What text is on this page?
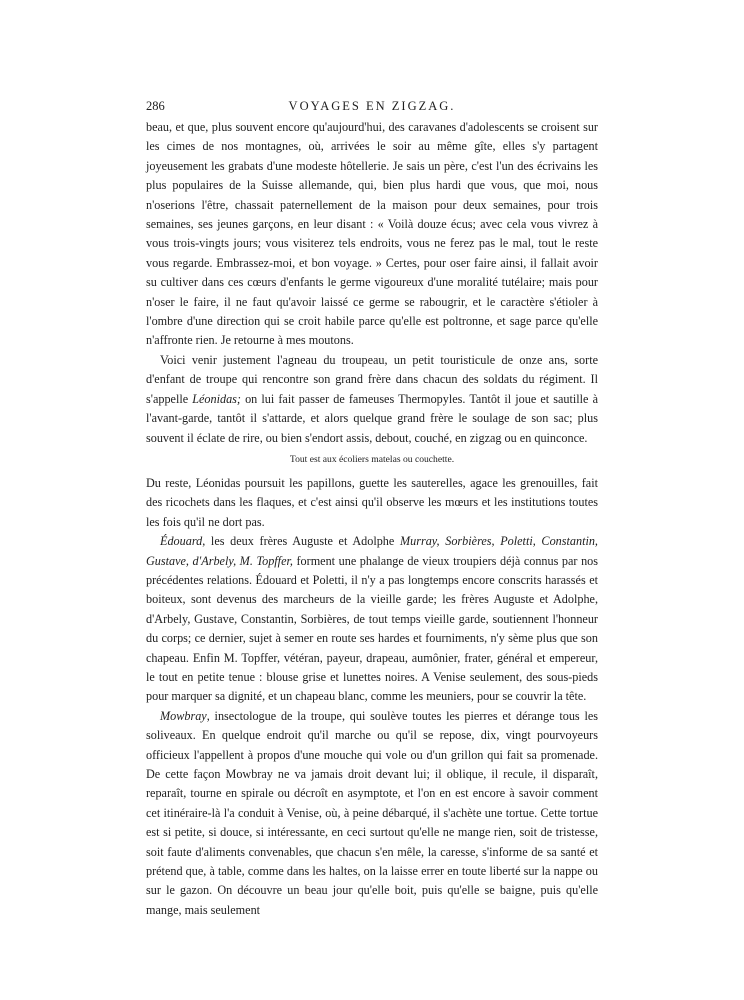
286	VOYAGES EN ZIGZAG.

beau, et que, plus souvent encore qu'aujourd'hui, des caravanes d'adolescents se croisent sur les cimes de nos montagnes, où, arrivées le soir au même gîte, elles s'y partagent joyeusement les grabats d'une modeste hôtellerie. Je sais un père, c'est l'un des écrivains les plus populaires de la Suisse allemande, qui, bien plus hardi que vous, que moi, nous n'oserions l'être, chassait paternellement de la maison pour deux semaines, pour trois semaines, ses jeunes garçons, en leur disant : « Voilà douze écus; avec cela vous vivrez à vous trois-vingts jours; vous visiterez tels endroits, vous ne ferez pas le mal, tout le reste vous regarde. Embrassez-moi, et bon voyage. » Certes, pour oser faire ainsi, il fallait avoir su cultiver dans ces cœurs d'enfants le germe vigoureux d'une moralité tutélaire; mais pour n'oser le faire, il ne faut qu'avoir laissé ce germe se rabougrir, et le caractère s'étioler à l'ombre d'une direction qui se croit habile parce qu'elle est poltronne, et sage parce qu'elle n'affronte rien. Je retourne à mes moutons.

Voici venir justement l'agneau du troupeau, un petit touristicule de onze ans, sorte d'enfant de troupe qui rencontre son grand frère dans chacun des soldats du régiment. Il s'appelle Léonidas; on lui fait passer de fameuses Thermopyles. Tantôt il joue et sautille à l'avant-garde, tantôt il s'attarde, et alors quelque grand frère le soulage de son sac; plus souvent il éclate de rire, ou bien s'endort assis, debout, couché, en zigzag ou en quinconce.

Tout est aux écoliers matelas ou couchette.

Du reste, Léonidas poursuit les papillons, guette les sauterelles, agace les grenouilles, fait des ricochets dans les flaques, et c'est ainsi qu'il observe les mœurs et les institutions toutes les fois qu'il ne dort pas.

Édouard, les deux frères Auguste et Adolphe Murray, Sorbières, Poletti, Constantin, Gustave, d'Arbely, M. Topffer, forment une phalange de vieux troupiers déjà connus par nos précédentes relations. Édouard et Poletti, il n'y a pas longtemps encore conscrits harassés et boiteux, sont devenus des marcheurs de la vieille garde; les frères Auguste et Adolphe, d'Arbely, Gustave, Constantin, Sorbières, de tout temps vieille garde, soutiennent l'honneur du corps; ce dernier, sujet à semer en route ses hardes et fourniments, n'y sème plus que son chapeau. Enfin M. Topffer, vétéran, payeur, drapeau, aumônier, frater, général et empereur, le tout en petite tenue : blouse grise et lunettes noires. A Venise seulement, des sous-pieds pour marquer sa dignité, et un chapeau blanc, comme les meuniers, pour se couvrir la tête.

Mowbray, insectologue de la troupe, qui soulève toutes les pierres et dérange tous les soliveaux. En quelque endroit qu'il marche ou qu'il se repose, dix, vingt pourvoyeurs officieux l'appellent à propos d'une mouche qui vole ou d'un grillon qui fait sa promenade. De cette façon Mowbray ne va jamais droit devant lui; il oblique, il recule, il disparaît, reparaît, tourne en spirale ou décroît en asymptote, et l'on en est encore à savoir comment cet itinéraire-là l'a conduit à Venise, où, à peine débarqué, il s'achète une tortue. Cette tortue est si petite, si douce, si intéressante, en ceci surtout qu'elle ne mange rien, soit de tristesse, soit faute d'aliments convenables, que chacun s'en mêle, la caresse, s'informe de sa santé et prétend que, à table, comme dans les haltes, on la laisse errer en toute liberté sur la nappe ou sur le gazon. On découvre un beau jour qu'elle boit, puis qu'elle se baigne, puis qu'elle mange, mais seulement
